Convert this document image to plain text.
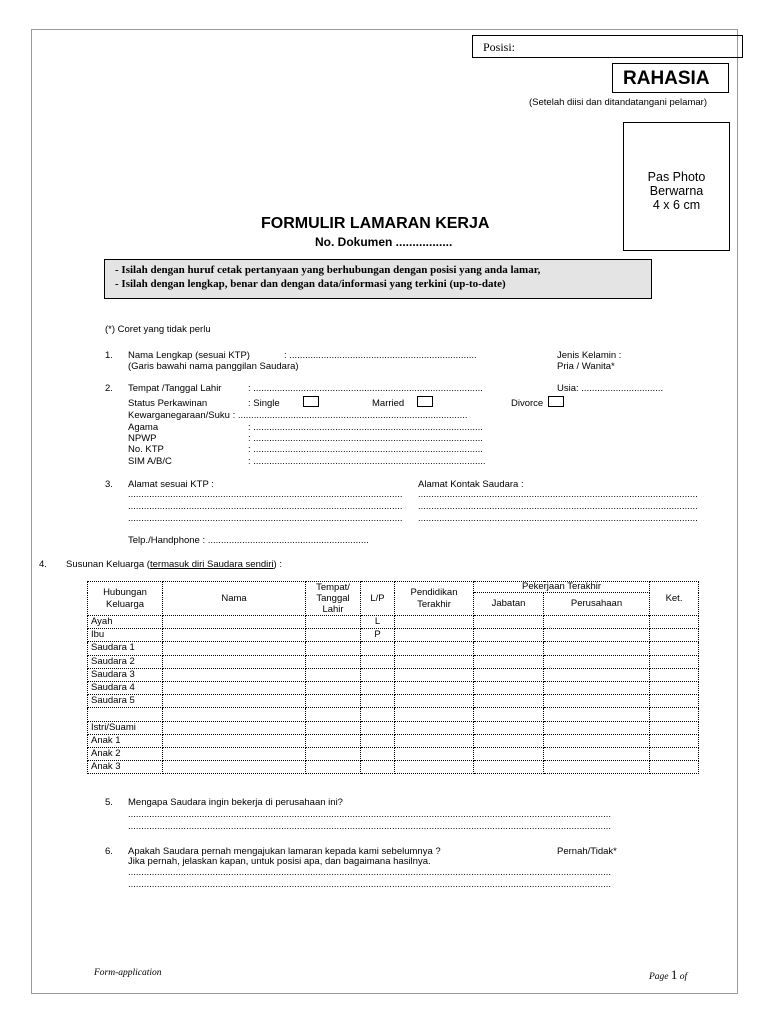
Posisi:
RAHASIA
(Setelah diisi dan ditandatangani pelamar)
Pas Photo
Berwarna
4 x 6 cm
FORMULIR LAMARAN KERJA
No. Dokumen .................
- Isilah dengan huruf cetak pertanyaan yang berhubungan dengan posisi yang anda lamar,
- Isilah dengan lengkap, benar dan dengan data/informasi yang terkini (up-to-date)
(*) Coret yang tidak perlu
1. Nama Lengkap (sesuai KTP)	: .......................................................................
(Garis bawahi nama panggilan Saudara)
Jenis Kelamin :
Pria / Wanita*
2. Tempat /Tanggal Lahir	: .......................................................................................	Usia: ...............................
Status Perkawinan	: Single	Married	Divorce
Kewarganegaraan/Suku : .......................................................................................
Agama	: .......................................................................................
NPWP	: .......................................................................................
No. KTP	: .......................................................................................
SIM A/B/C	: ........................................................................................
3. Alamat sesuai KTP :	Alamat Kontak Saudara :
........................................................................................................
........................................................................................................
........................................................................................................
..........................................................................................................
..........................................................................................................
..........................................................................................................
Telp./Handphone : .............................................................
4. Susunan Keluarga (termasuk diri Saudara sendiri) :
Hubungan Keluarga	Nama	Tempat/ Tanggal Lahir	L/P	Pendidikan Terakhir	Pekerjaan Terakhir		Ket.
					Jabatan	Perusahaan	
Ayah			L				
Ibu			P				
Saudara 1							
Saudara 2							
Saudara 3							
Saudara 4							
Saudara 5							

Istri/Suami							
Anak 1							
Anak 2							
Anak 3							
5. Mengapa Saudara ingin bekerja di perusahaan ini?
.......................................................................................................................................................................................
.......................................................................................................................................................................................
6. Apakah Saudara pernah mengajukan lamaran kepada kami sebelumnya ?	Pernah/Tidak*
Jika pernah, jelaskan kapan, untuk posisi apa, dan bagaimana hasilnya.
.......................................................................................................................................................................................
.......................................................................................................................................................................................
Form-application	Page 1 of
